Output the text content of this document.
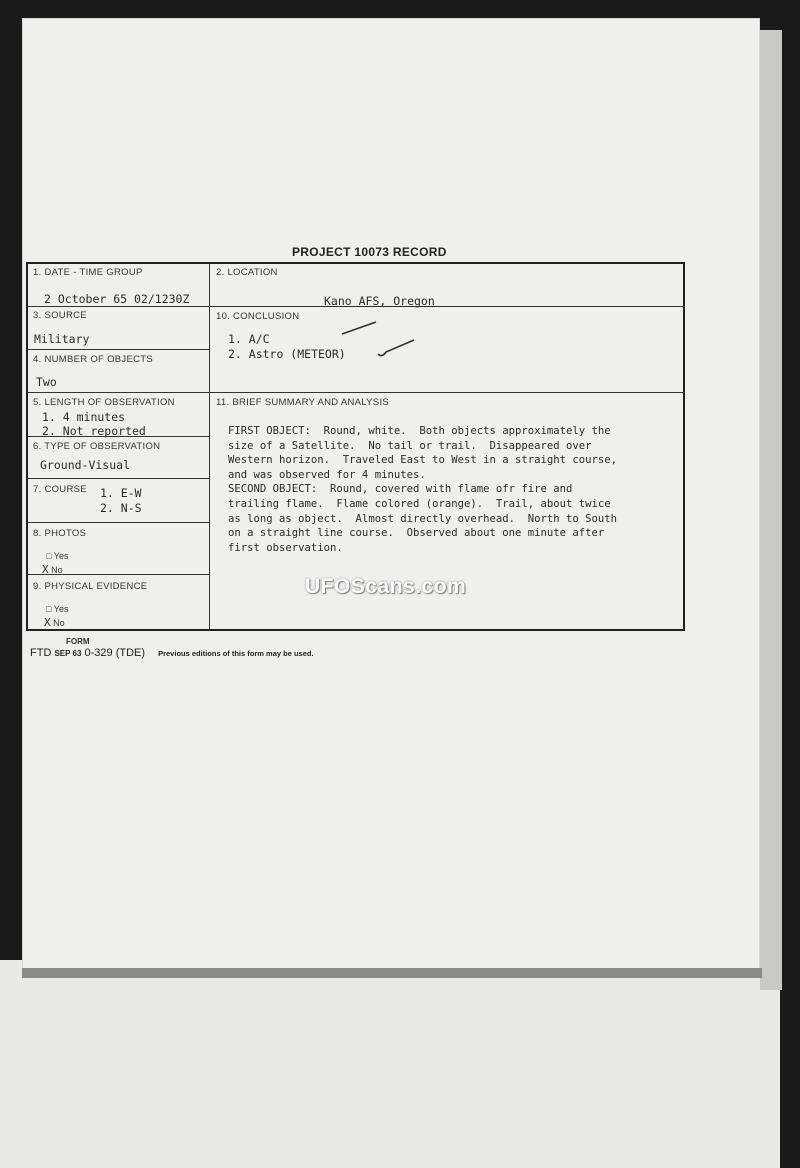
PROJECT 10073 RECORD
1. DATE - TIME GROUP
2 October 65 02/1230Z
2. LOCATION
Kano AFS, Oregon
3. SOURCE
Military
10. CONCLUSION
1. A/C
2. Astro (METEOR)
4. NUMBER OF OBJECTS
Two
5. LENGTH OF OBSERVATION
1. 4 minutes
2. Not reported
6. TYPE OF OBSERVATION
Ground-Visual
7. COURSE 1. E-W
2. N-S
8. PHOTOS
□ Yes
X No
9. PHYSICAL EVIDENCE
□ Yes
X No
11. BRIEF SUMMARY AND ANALYSIS
FIRST OBJECT:  Round, white.  Both objects approximately the
size of a Satellite.  No tail or trail.  Disappeared over
Western horizon.  Traveled East to West in a straight course,
and was observed for 4 minutes.
SECOND OBJECT:  Round, covered with flame ofr fire and
trailing flame.  Flame colored (orange).  Trail, about twice
as long as object.  Almost directly overhead.  North to South
on a straight line course.  Observed about one minute after
first observation.
FORM
FTD SEP 63 0-329 (TDE) Previous editions of this form may be used.
UFOScans.com
